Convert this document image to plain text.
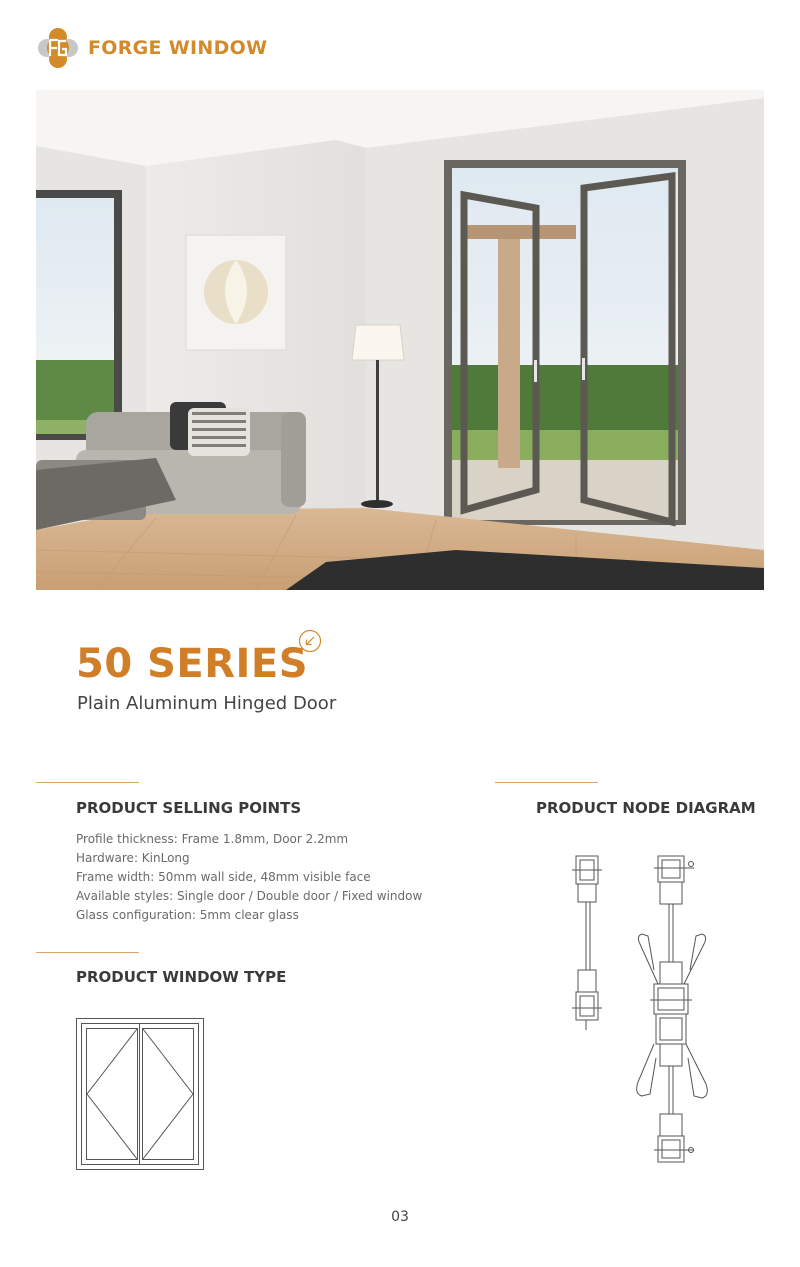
FORGE WINDOW
50 SERIES
Plain Aluminum Hinged Door
PRODUCT SELLING POINTS
Profile thickness: Frame 1.8mm, Door 2.2mm
Hardware: KinLong
Frame width: 50mm wall side, 48mm visible face
Available styles: Single door / Double door / Fixed window
Glass configuration: 5mm clear glass
PRODUCT WINDOW TYPE
PRODUCT NODE DIAGRAM
03
